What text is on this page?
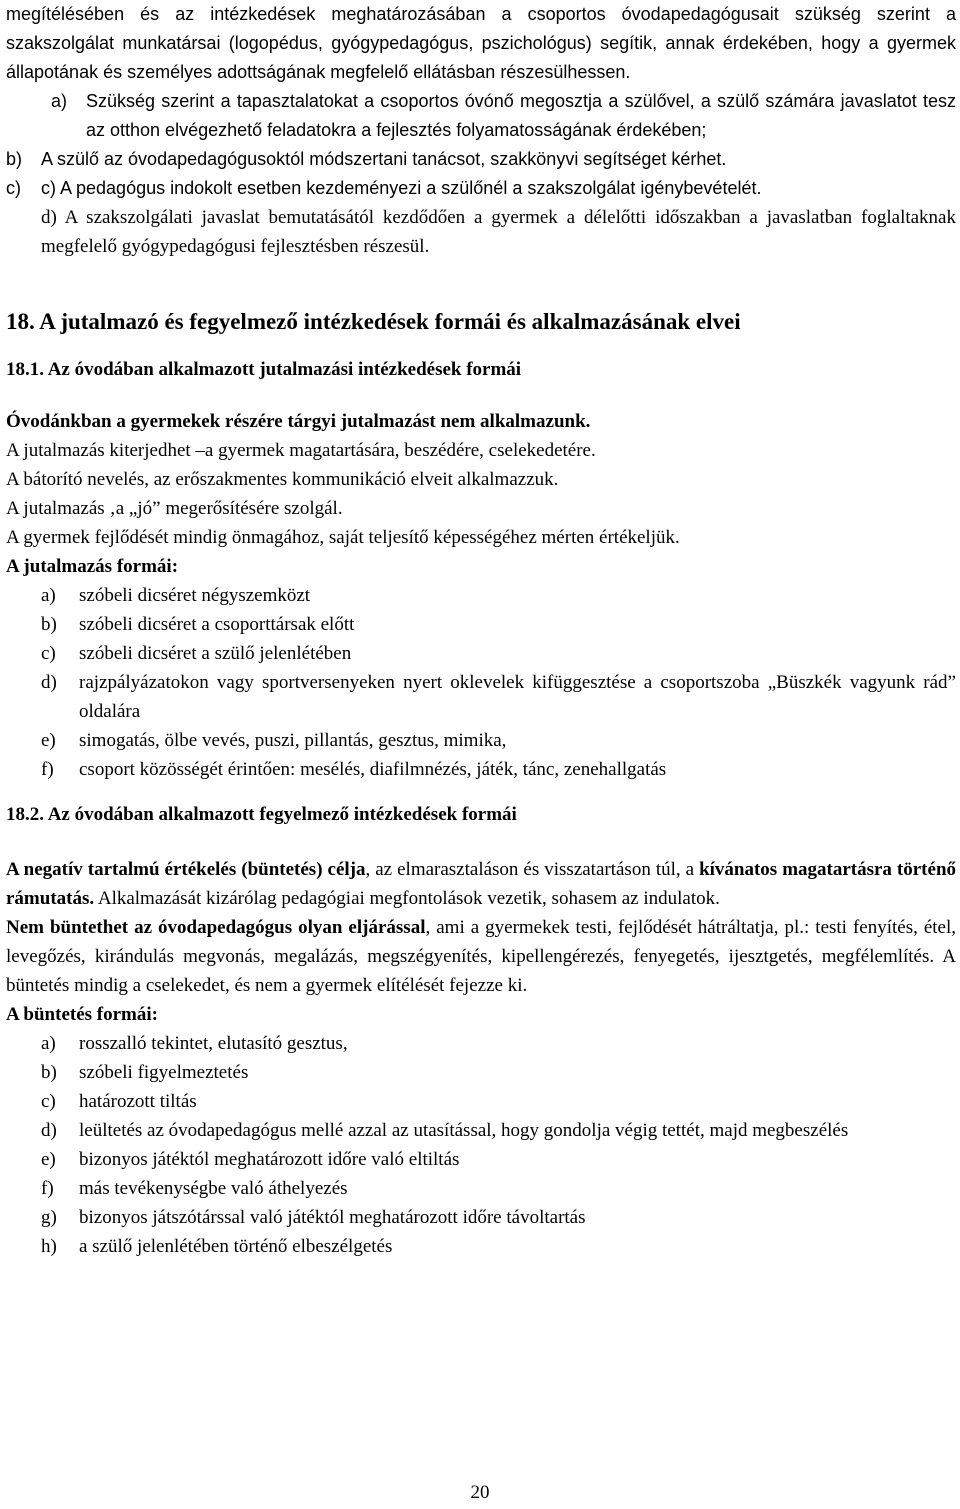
megítélésében és az intézkedések meghatározásában a csoportos óvodapedagógusait szükség szerint a szakszolgálat munkatársai (logopédus, gyógypedagógus, pszichológus) segítik, annak érdekében, hogy a gyermek állapotának és személyes adottságának megfelelő ellátásban részesülhessen.

a)	Szükség szerint a tapasztalatokat a csoportos óvónő megosztja a szülővel, a szülő számára javaslatot tesz az otthon elvégezhető feladatokra a fejlesztés folyamatosságának érdekében;
b)	A szülő az óvodapedagógusoktól módszertani tanácsot, szakkönyvi segítséget kérhet.
c)	c) A pedagógus indokolt esetben kezdeményezi a szülőnél a szakszolgálat igénybevételét.

d) A szakszolgálati javaslat bemutatásától kezdődően a gyermek a délelőtti időszakban a javaslatban foglaltaknak megfelelő gyógypedagógusi fejlesztésben részesül.

18. A jutalmazó és fegyelmező intézkedések formái és alkalmazásának elvei
18.1. Az óvodában alkalmazott jutalmazási intézkedések formái

Óvodánkban a gyermekek részére tárgyi jutalmazást nem alkalmazunk.

A jutalmazás kiterjedhet –a gyermek magatartására, beszédére, cselekedetére.

A bátorító nevelés, az erőszakmentes kommunikáció elveit alkalmazzuk.

A jutalmazás ‚a „jó” megerősítésére szolgál.

A gyermek fejlődését mindig önmagához, saját teljesítő képességéhez mérten értékeljük.

A jutalmazás formái:

a)	szóbeli dicséret négyszemközt
b)	szóbeli dicséret a csoporttársak előtt
c)	szóbeli dicséret a szülő jelenlétében
d)	rajzpályázatokon vagy sportversenyeken nyert oklevelek kifüggesztése a csoportszoba „Büszkék vagyunk rád” oldalára
e)	simogatás, ölbe vevés, puszi, pillantás, gesztus, mimika,
f)	csoport közösségét érintően: mesélés, diafilmnézés, játék, tánc, zenehallgatás
18.2. Az óvodában alkalmazott fegyelmező intézkedések formái

A negatív tartalmú értékelés (büntetés) célja, az elmarasztaláson és visszatartáson túl, a kívánatos magatartásra történő rámutatás. Alkalmazását kizárólag pedagógiai megfontolások vezetik, sohasem az indulatok.

Nem büntethet az óvodapedagógus olyan eljárással, ami a gyermekek testi, fejlődését hátráltatja, pl.: testi fenyítés, étel, levegőzés, kirándulás megvonás, megalázás, megszégyenítés, kipellengérezés, fenyegetés, ijesztgetés, megfélemlítés. A büntetés mindig a cselekedet, és nem a gyermek elítélését fejezze ki.

A büntetés formái:

a)	rosszalló tekintet, elutasító gesztus,
b)	szóbeli figyelmeztetés
c)	határozott tiltás
d)	leültetés az óvodapedagógus mellé azzal az utasítással, hogy gondolja végig tettét, majd megbeszélés
e)	bizonyos játéktól meghatározott időre való eltiltás
f)	más tevékenységbe való áthelyezés
g)	bizonyos játszótárssal való játéktól meghatározott időre távoltartás
h)	a szülő jelenlétében történő elbeszélgetés
20
